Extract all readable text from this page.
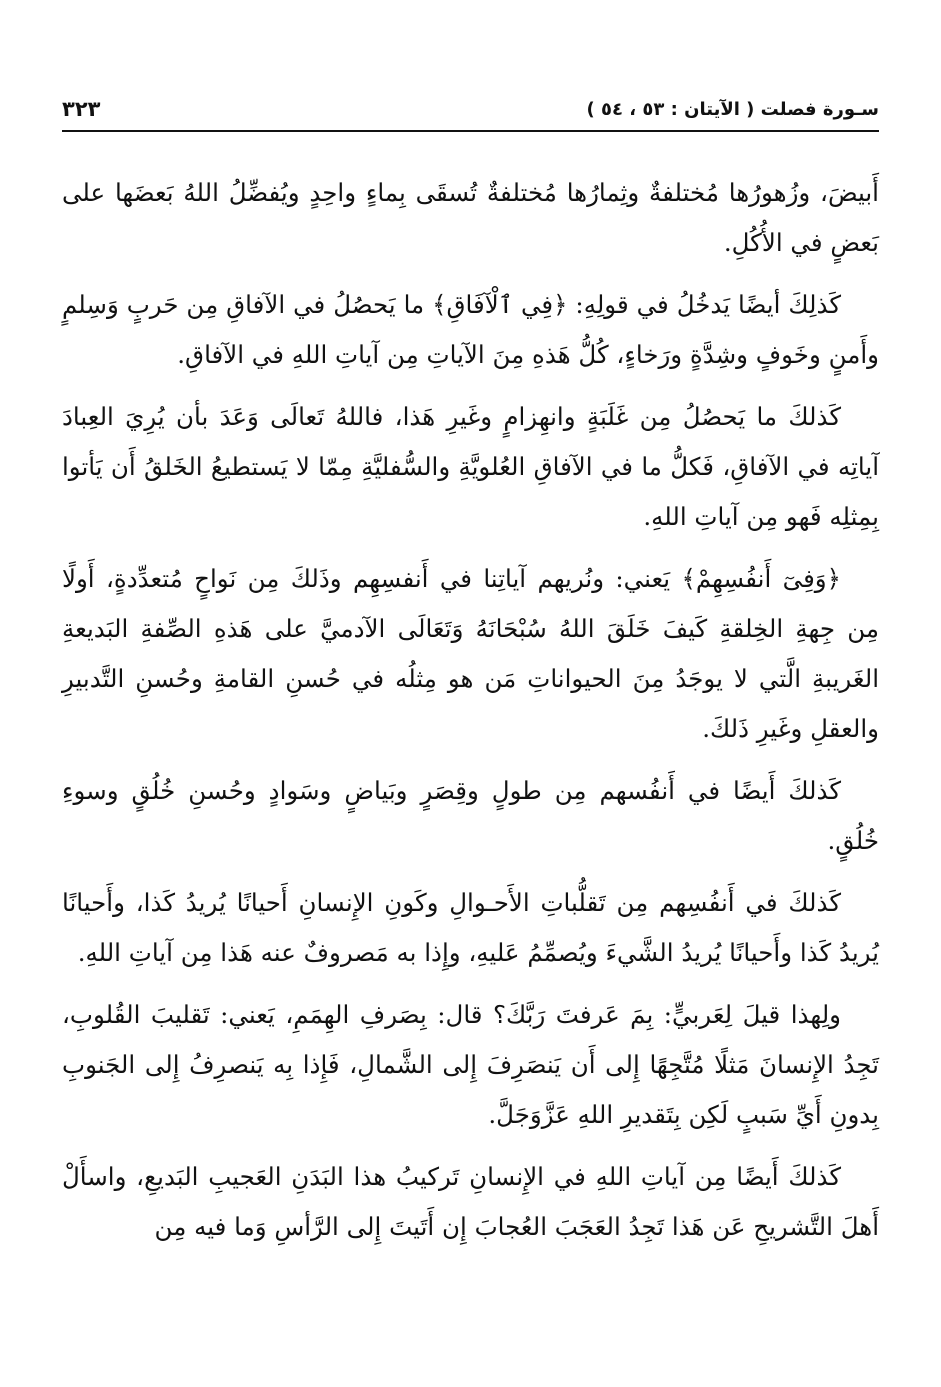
سـورة فصلت ( الآيتان : ٥٣ ، ٥٤ )
٣٢٣

أَبيضَ، وزُهورُها مُختلفةٌ وثِمارُها مُختلفةٌ تُسقَى بِماءٍ واحِدٍ ويُفضِّلُ اللهُ بَعضَها على بَعضٍ في الأُكُلِ.

كَذلِكَ أيضًا يَدخُلُ في قولِهِ: ﴿فِي ٱلْآفَاقِ﴾ ما يَحصُلُ في الآفاقِ مِن حَربٍ وَسِلمٍ وأَمنٍ وخَوفٍ وشِدَّةٍ ورَخاءٍ، كُلُّ هَذهِ مِنَ الآياتِ مِن آياتِ اللهِ في الآفاقِ.

كَذلكَ ما يَحصُلُ مِن غَلَبَةٍ وانهِزامٍ وغَيرِ هَذا، فاللهُ تَعالَى وَعَدَ بأن يُرِيَ العِبادَ آياتِه في الآفاقِ، فَكلُّ ما في الآفاقِ العُلويَّةِ والسُّفليَّةِ مِمّا لا يَستطيعُ الخَلقُ أَن يَأتوا بِمِثلِه فَهو مِن آياتِ اللهِ.

﴿وَفِىٓ أَنفُسِهِمْ﴾ يَعني: ونُريهم آياتِنا في أَنفسِهِم وذَلكَ مِن نَواحٍ مُتعدِّدةٍ، أَولًا مِن جِهةِ الخِلقةِ كَيفَ خَلَقَ اللهُ سُبْحَانَهُ وَتَعَالَى الآدميَّ على هَذهِ الصِّفةِ البَديعةِ الغَريبةِ الَّتي لا يوجَدُ مِنَ الحيواناتِ مَن هو مِثلُه في حُسنِ القامةِ وحُسنِ التَّدبيرِ والعقلِ وغَيرِ ذَلكَ.

كَذلكَ أَيضًا في أَنفُسهم مِن طولٍ وقِصَرٍ وبَياضٍ وسَوادٍ وحُسنِ خُلُقٍ وسوءِ خُلُقٍ.

كَذلكَ في أَنفُسِهم مِن تَقلُّباتِ الأَحـوالِ وكَونِ الإِنسانِ أَحيانًا يُريدُ كَذا، وأَحيانًا يُريدُ كَذا وأَحيانًا يُريدُ الشَّيءَ ويُصمِّمُ عَليهِ، وإِذا به مَصروفٌ عنه هَذا مِن آياتِ اللهِ.

ولِهذا قيلَ لِعَربيٍّ: بِمَ عَرفتَ رَبَّكَ؟ قال: بِصَرفِ الهِمَمِ، يَعني: تَقليبَ القُلوبِ، تَجِدُ الإِنسانَ مَثلًا مُتَّجِهًا إِلى أَن يَنصَرِفَ إِلى الشَّمالِ، فَإِذا بِه يَنصرِفُ إِلى الجَنوبِ بِدونِ أَيِّ سَببٍ لَكِن بِتَقديرِ اللهِ عَزَّوَجَلَّ.

كَذلكَ أَيضًا مِن آياتِ اللهِ في الإِنسانِ تَركيبُ هذا البَدَنِ العَجيبِ البَديعِ، واسأَلْ أَهلَ التَّشريحِ عَن هَذا تَجِدُ العَجَبَ العُجابَ إِن أَتَيتَ إِلى الرَّأسِ وَما فيه مِن
